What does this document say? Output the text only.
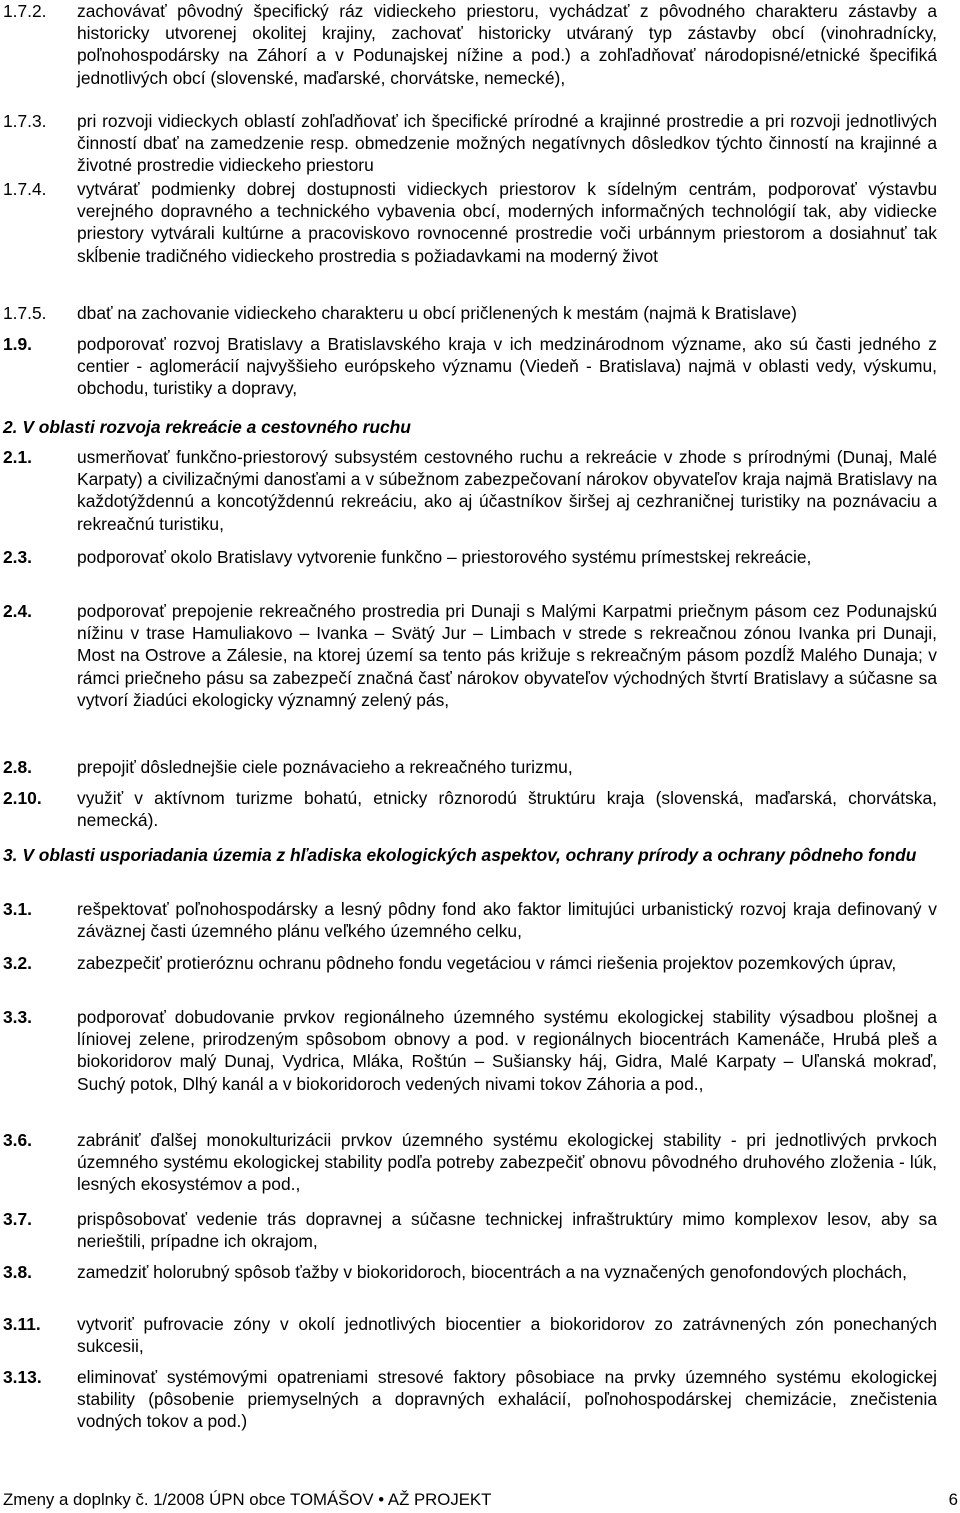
1.7.2.	zachovávať pôvodný špecifický ráz vidieckeho priestoru, vychádzať z pôvodného charakteru zástavby a historicky utvorenej okolitej krajiny, zachovať historicky utváraný typ zástavby obcí (vinohradnícky, poľnohospodársky na Záhorí a v Podunajskej nížine a pod.) a zohľadňovať národopisné/etnické špecifiká jednotlivých obcí (slovenské, maďarské, chorvátske, nemecké),
1.7.3.	pri rozvoji vidieckych oblastí zohľadňovať ich špecifické prírodné a krajinné prostredie a pri rozvoji jednotlivých činností dbať na zamedzenie resp. obmedzenie možných negatívnych dôsledkov týchto činností na krajinné a životné prostredie vidieckeho priestoru
1.7.4.	vytvárať podmienky dobrej dostupnosti vidieckych priestorov k sídelným centrám, podporovať výstavbu verejného dopravného a technického vybavenia obcí, moderných informačných technológií tak, aby vidiecke priestory vytvárali kultúrne a pracoviskovo rovnocenné prostredie voči urbánnym priestorom a dosiahnuť tak skĺbenie tradičného vidieckeho prostredia s požiadavkami na moderný život
1.7.5.	dbať na zachovanie vidieckeho charakteru u obcí pričlenených k mestám (najmä k Bratislave)
1.9.	podporovať rozvoj Bratislavy a Bratislavského kraja v ich medzinárodnom význame, ako sú časti jedného z centier - aglomerácií najvyššieho európskeho významu (Viedeň - Bratislava) najmä v oblasti vedy, výskumu, obchodu, turistiky a dopravy,
2. V oblasti rozvoja rekreácie a cestovného ruchu
2.1.	usmerňovať funkčno-priestorový subsystém cestovného ruchu a rekreácie v zhode s prírodnými (Dunaj, Malé Karpaty) a civilizačnými danosťami a v súbežnom zabezpečovaní nárokov obyvateľov kraja najmä Bratislavy na každotýždennú a koncotýždennú rekreáciu, ako aj účastníkov širšej aj cezhraničnej turistiky na poznávaciu a rekreačnú turistiku,
2.3.	podporovať okolo Bratislavy vytvorenie funkčno – priestorového systému prímestskej rekreácie,
2.4.	podporovať prepojenie rekreačného prostredia pri Dunaji s Malými Karpatmi priečnym pásom cez Podunajskú nížinu v trase Hamuliakovo – Ivanka – Svätý Jur – Limbach v strede s rekreačnou zónou Ivanka pri Dunaji, Most na Ostrove a Zálesie, na ktorej území sa tento pás križuje s rekreačným pásom pozdĺž Malého Dunaja; v rámci priečneho pásu sa zabezpečí značná časť nárokov obyvateľov východných štvrtí Bratislavy a súčasne sa vytvorí žiadúci ekologicky významný zelený pás,
2.8.	prepojiť dôslednejšie ciele poznávacieho a rekreačného turizmu,
2.10.	využiť v aktívnom turizme bohatú, etnicky rôznorodú štruktúru kraja (slovenská, maďarská, chorvátska, nemecká).
3. V oblasti usporiadania územia z hľadiska ekologických aspektov, ochrany prírody a ochrany pôdneho fondu
3.1.	rešpektovať poľnohospodársky a lesný pôdny fond ako faktor limitujúci urbanistický rozvoj kraja definovaný v záväznej časti územného plánu veľkého územného celku,
3.2.	zabezpečiť protieróznu ochranu pôdneho fondu vegetáciou v rámci riešenia projektov pozemkových úprav,
3.3.	podporovať dobudovanie prvkov regionálneho územného systému ekologickej stability výsadbou plošnej a líniovej zelene, prirodzeným spôsobom obnovy a pod. v regionálnych biocentrách Kamenáče, Hrubá pleš a biokoridorov malý Dunaj, Vydrica, Mláka, Roštún – Sušiansky háj, Gidra, Malé Karpaty – Uľanská mokraď, Suchý potok, Dlhý kanál a v biokoridoroch vedených nivami tokov Záhoria a pod.,
3.6.	zabrániť ďalšej monokulturizácii prvkov územného systému ekologickej stability - pri jednotlivých prvkoch územného systému ekologickej stability podľa potreby zabezpečiť obnovu pôvodného druhového zloženia - lúk, lesných ekosystémov a pod.,
3.7.	prispôsobovať vedenie trás dopravnej a súčasne technickej infraštruktúry mimo komplexov lesov, aby sa nerieštili, prípadne ich okrajom,
3.8.	zamedziť holorubný spôsob ťažby v biokoridoroch, biocentrách a na vyznačených genofondových plochách,
3.11.	vytvoriť pufrovacie zóny v okolí jednotlivých biocentier a biokoridorov zo zatrávnených zón ponechaných sukcesii,
3.13.	eliminovať systémovými opatreniami stresové faktory pôsobiace na prvky územného systému ekologickej stability (pôsobenie priemyselných a dopravných exhalácií, poľnohospodárskej chemizácie, znečistenia vodných tokov a pod.)
Zmeny a doplnky č. 1/2008 ÚPN obce TOMÁŠOV • AŽ PROJEKT	6
